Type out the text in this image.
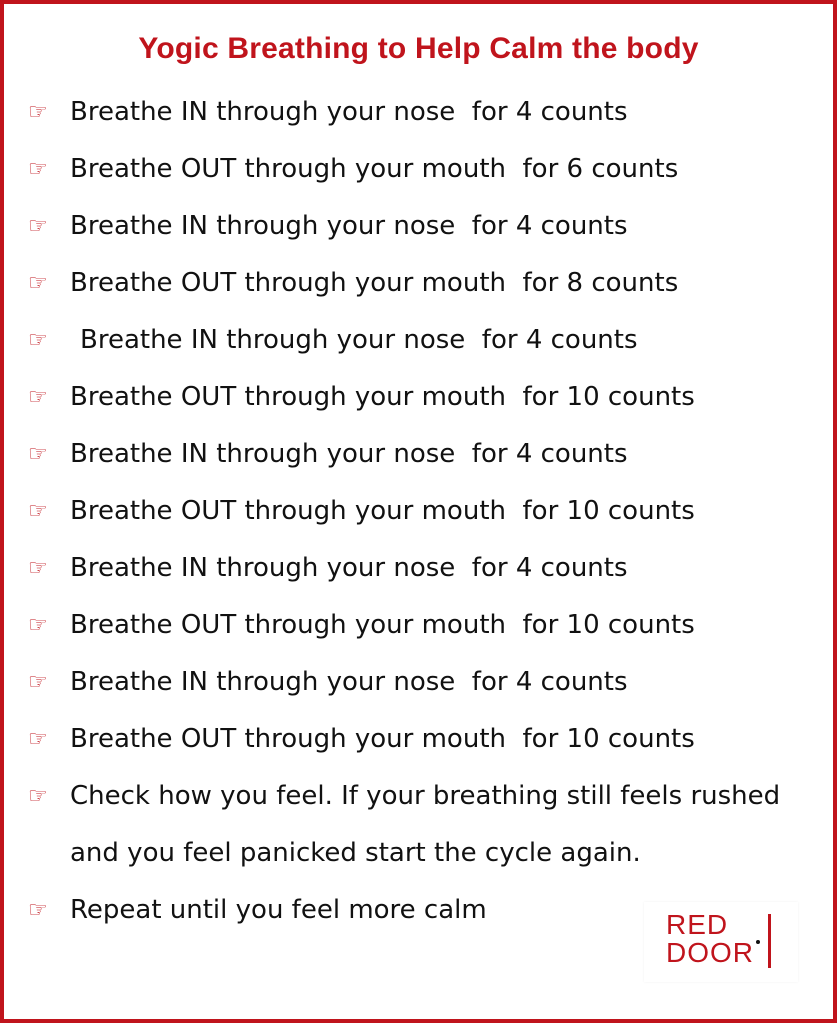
Yogic Breathing to Help Calm the body
☞ Breathe IN through your nose  for 4 counts
☞ Breathe OUT through your mouth  for 6 counts
☞ Breathe IN through your nose  for 4 counts
☞ Breathe OUT through your mouth  for 8 counts
☞	Breathe IN through your nose  for 4 counts
☞ Breathe OUT through your mouth  for 10 counts
☞ Breathe IN through your nose  for 4 counts
☞ Breathe OUT through your mouth  for 10 counts
☞ Breathe IN through your nose  for 4 counts
☞ Breathe OUT through your mouth  for 10 counts
☞ Breathe IN through your nose  for 4 counts
☞ Breathe OUT through your mouth  for 10 counts
☞ Check how you feel. If your breathing still feels rushed and you feel panicked start the cycle again.
☞ Repeat until you feel more calm	RED
DOOR
